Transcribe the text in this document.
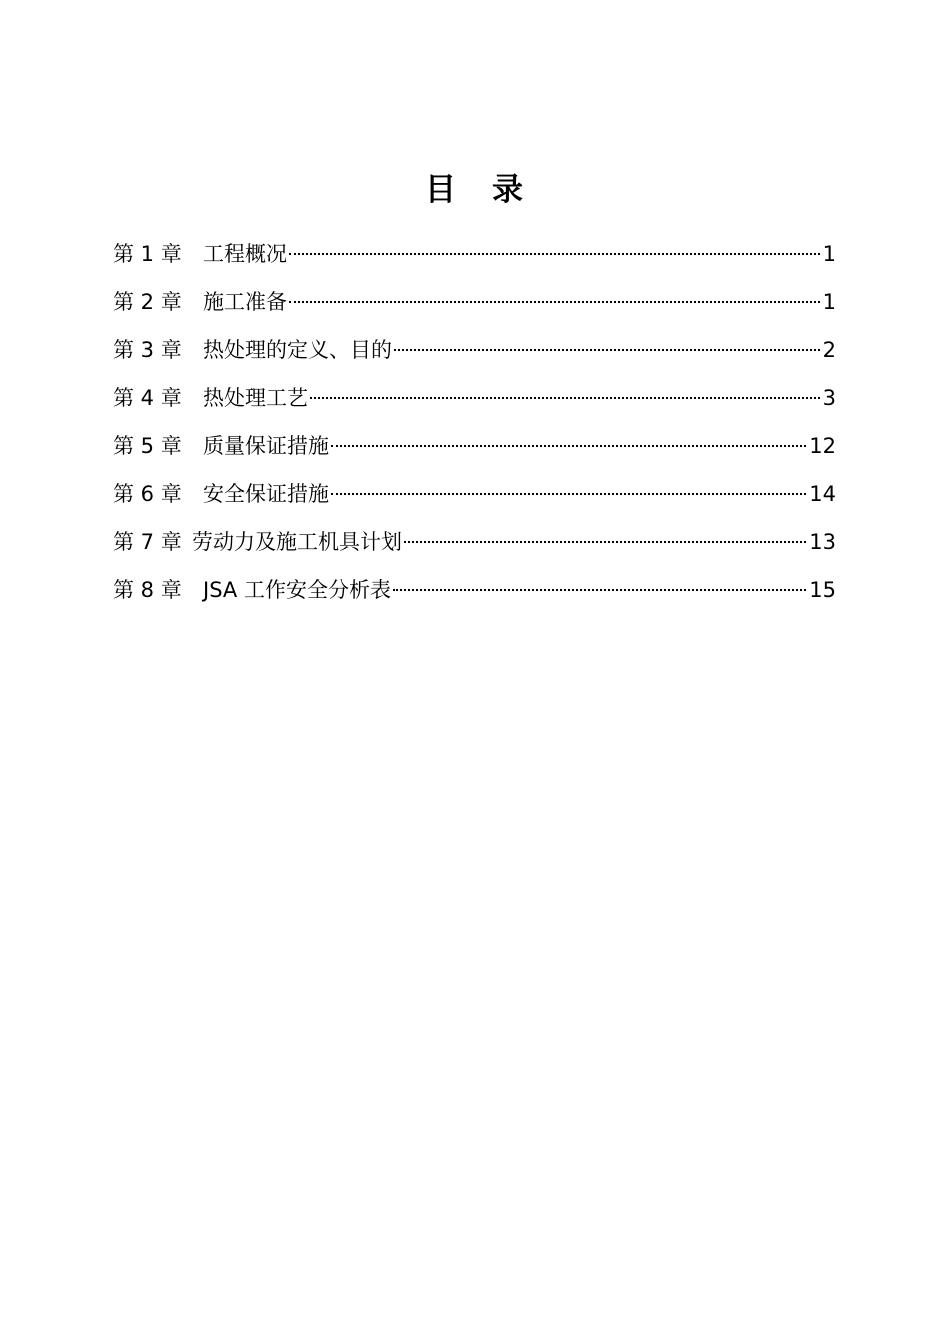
目 录
第 1 章	工程概况	1
第 2 章	施工准备	1
第 3 章	热处理的定义、目的	2
第 4 章	热处理工艺	3
第 5 章	质量保证措施	12
第 6 章	安全保证措施	14
第 7 章 劳动力及施工机具计划	13
第 8 章	JSA 工作安全分析表	15
